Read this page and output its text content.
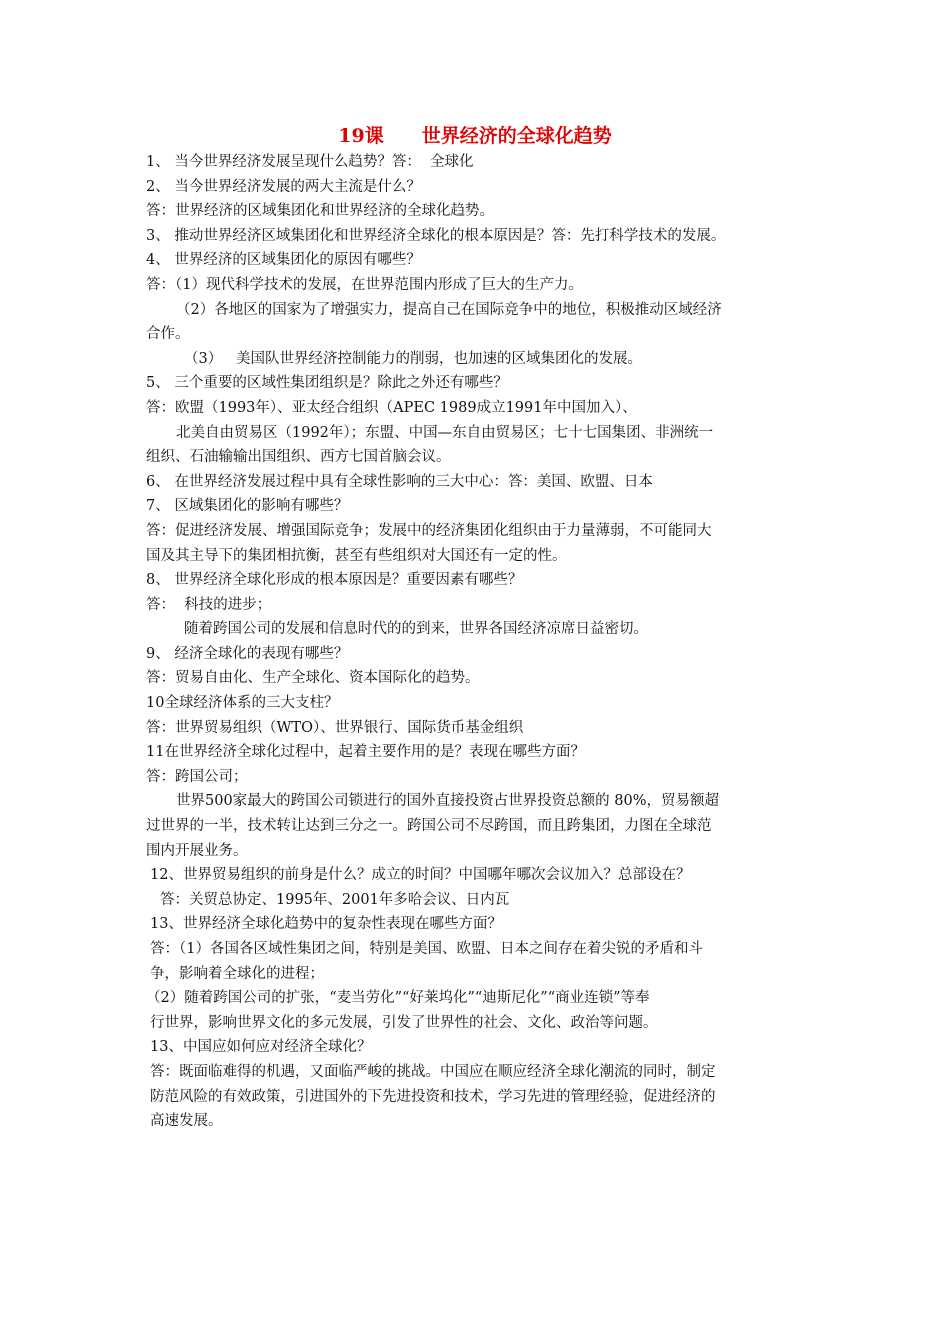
19课　　世界经济的全球化趋势
1、 当今世界经济发展呈现什么趋势？答：  全球化
2、 当今世界经济发展的两大主流是什么？
答：世界经济的区域集团化和世界经济的全球化趋势。
3、 推动世界经济区域集团化和世界经济全球化的根本原因是？答：先打科学技术的发展。
4、 世界经济的区域集团化的原因有哪些？
答：（1）现代科学技术的发展，在世界范围内形成了巨大的生产力。
（2）各地区的国家为了增强实力，提高自己在国际竞争中的地位，积极推动区域经济
合作。
（3）   美国队世界经济控制能力的削弱，也加速的区域集团化的发展。
5、 三个重要的区域性集团组织是？除此之外还有哪些？
答：欧盟（1993年）、亚太经合组织（APEC 1989成立1991年中国加入）、
北美自由贸易区（1992年）；东盟、中国—东自由贸易区；七十七国集团、非洲统一
组织、石油输输出国组织、西方七国首脑会议。
6、 在世界经济发展过程中具有全球性影响的三大中心：答：美国、欧盟、日本
7、 区域集团化的影响有哪些？
答：促进经济发展、增强国际竞争；发展中的经济集团化组织由于力量薄弱，不可能同大
国及其主导下的集团相抗衡，甚至有些组织对大国还有一定的性。
8、 世界经济全球化形成的根本原因是？重要因素有哪些？
答：  科技的进步；
随着跨国公司的发展和信息时代的的到来，世界各国经济凉席日益密切。
9、 经济全球化的表现有哪些？
答：贸易自由化、生产全球化、资本国际化的趋势。
10全球经济体系的三大支柱？
答：世界贸易组织（WTO）、世界银行、国际货币基金组织
11在世界经济全球化过程中，起着主要作用的是？表现在哪些方面？
答：跨国公司；
世界500家最大的跨国公司锁进行的国外直接投资占世界投资总额的 80%，贸易额超
过世界的一半，技术转让达到三分之一。跨国公司不尽跨国，而且跨集团，力图在全球范
围内开展业务。
12、世界贸易组织的前身是什么？成立的时间？中国哪年哪次会议加入？总部设在？
答：关贸总协定、1995年、2001年多哈会议、日内瓦
13、世界经济全球化趋势中的复杂性表现在哪些方面？
答：（1）各国各区域性集团之间，特别是美国、欧盟、日本之间存在着尖锐的矛盾和斗
争，影响着全球化的进程；
（2）随着跨国公司的扩张，“麦当劳化”“好莱坞化”“迪斯尼化”“商业连锁”等奉
行世界，影响世界文化的多元发展，引发了世界性的社会、文化、政治等问题。
13、中国应如何应对经济全球化？
答：既面临难得的机遇，又面临严峻的挑战。中国应在顺应经济全球化潮流的同时，制定
防范风险的有效政策，引进国外的下先进投资和技术，学习先进的管理经验，促进经济的
高速发展。
